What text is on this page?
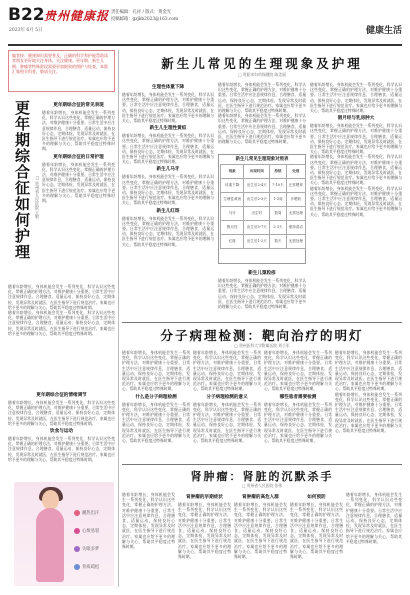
B22
2023年 6月 5日
贵州健康报 责任编辑：孔祥 / 版式：黄金光
投稿邮箱：gzjkb2023@163.com
健康生活
编者按：健康知识需要普及，正确的科学养护能帮助读者朋友更好地关注身体、关注健康。更年期、新生儿期、肿瘤等特殊阶段需要更加细致的照护与检查，本版汇集相关科普，敬请关注。
更年期综合征如何护理 □ 贵州省人民医院 王敏
更年期综合征的常见表现
随着年龄增长，身体机能会发生一系列变化，科学认识这些变化，掌握正确的护理方法，对维护健康十分重要。日常生活中应注意规律作息，合理膳食，适量运动，保持良好心态，定期体检，发现异常及时就医，在医生指导下进行规范治疗。家属也应给予更多的理解与关心，帮助其平稳度过特殊时期。
更年期综合征的日常护理
随着年龄增长，身体机能会发生一系列变化，科学认识这些变化，掌握正确的护理方法，对维护健康十分重要。日常生活中应注意规律作息，合理膳食，适量运动，保持良好心态，定期体检，发现异常及时就医，在医生指导下进行规范治疗。家属也应给予更多的理解与关心，帮助其平稳度过特殊时期。
随着年龄增长，身体机能会发生一系列变化，科学认识这些变化，掌握正确的护理方法，对维护健康十分重要。日常生活中应注意规律作息，合理膳食，适量运动，保持良好心态，定期体检，发现异常及时就医，在医生指导下进行规范治疗。家属也应给予更多的理解与关心，帮助其平稳度过特殊时期。
随着年龄增长，身体机能会发生一系列变化，科学认识这些变化，掌握正确的护理方法，对维护健康十分重要。日常生活中应注意规律作息，合理膳食，适量运动，保持良好心态，定期体检，发现异常及时就医，在医生指导下进行规范治疗。家属也应给予更多的理解与关心，帮助其平稳度过特殊时期。
更年期综合征的情绪调节
随着年龄增长，身体机能会发生一系列变化，科学认识这些变化，掌握正确的护理方法，对维护健康十分重要。日常生活中应注意规律作息，合理膳食，适量运动，保持良好心态，定期体检，发现异常及时就医，在医生指导下进行规范治疗。家属也应给予更多的理解与关心，帮助其平稳度过特殊时期。
饮食与运动
随着年龄增长，身体机能会发生一系列变化，科学认识这些变化，掌握正确的护理方法，对维护健康十分重要。日常生活中应注意规律作息，合理膳食，适量运动，保持良好心态，定期体检，发现异常及时就医，在医生指导下进行规范治疗。家属也应给予更多的理解与关心，帮助其平稳度过特殊时期。
潮热出汗
心烦易怒
失眠多梦
骨质疏松
新生儿常见的生理现象及护理
□ 贵阳市妇幼保健院 陈美丽
生理性体重下降
随着年龄增长，身体机能会发生一系列变化，科学认识这些变化，掌握正确的护理方法，对维护健康十分重要。日常生活中应注意规律作息，合理膳食，适量运动，保持良好心态，定期体检，发现异常及时就医，在医生指导下进行规范治疗。家属也应给予更多的理解与关心，帮助其平稳度过特殊时期。
新生儿生理性黄疸
随着年龄增长，身体机能会发生一系列变化，科学认识这些变化，掌握正确的护理方法，对维护健康十分重要。日常生活中应注意规律作息，合理膳食，适量运动，保持良好心态，定期体检，发现异常及时就医，在医生指导下进行规范治疗。家属也应给予更多的理解与关心，帮助其平稳度过特殊时期。
新生儿马牙
随着年龄增长，身体机能会发生一系列变化，科学认识这些变化，掌握正确的护理方法，对维护健康十分重要。日常生活中应注意规律作息，合理膳食，适量运动，保持良好心态，定期体检，发现异常及时就医，在医生指导下进行规范治疗。家属也应给予更多的理解与关心，帮助其平稳度过特殊时期。
新生儿红斑
随着年龄增长，身体机能会发生一系列变化，科学认识这些变化，掌握正确的护理方法，对维护健康十分重要。日常生活中应注意规律作息，合理膳食，适量运动，保持良好心态，定期体检，发现异常及时就医，在医生指导下进行规范治疗。家属也应给予更多的理解与关心，帮助其平稳度过特殊时期。
随着年龄增长，身体机能会发生一系列变化，科学认识这些变化，掌握正确的护理方法，对维护健康十分重要。日常生活中应注意规律作息，合理膳食，适量运动，保持良好心态，定期体检，发现异常及时就医，在医生指导下进行规范治疗。家属也应给予更多的理解与关心，帮助其平稳度过特殊时期。
随着年龄增长，身体机能会发生一系列变化，科学认识这些变化，掌握正确的护理方法，对维护健康十分重要。日常生活中应注意规律作息，合理膳食，适量运动，保持良好心态，定期体检，发现异常及时就医，在医生指导下进行规范治疗。家属也应给予更多的理解与关心，帮助其平稳度过特殊时期。
新生儿常见生理现象对照表
现象	出现时间	持续	处理
体重下降	出生后2-4天	7-10天	正常喂养
生理性黄疸	出生后2-3天	1-2周	多喂奶
马牙	出生时	数周	无需处理
假月经	出生后5-7天	2-3天	保持清洁
红斑	出生后1-2天	数天	无需处理
新生儿粟粒疹
随着年龄增长，身体机能会发生一系列变化，科学认识这些变化，掌握正确的护理方法，对维护健康十分重要。日常生活中应注意规律作息，合理膳食，适量运动，保持良好心态，定期体检，发现异常及时就医，在医生指导下进行规范治疗。家属也应给予更多的理解与关心，帮助其平稳度过特殊时期。
随着年龄增长，身体机能会发生一系列变化，科学认识这些变化，掌握正确的护理方法，对维护健康十分重要。日常生活中应注意规律作息，合理膳食，适量运动，保持良好心态，定期体检，发现异常及时就医，在医生指导下进行规范治疗。家属也应给予更多的理解与关心，帮助其平稳度过特殊时期。
假月经与乳房肿大
随着年龄增长，身体机能会发生一系列变化，科学认识这些变化，掌握正确的护理方法，对维护健康十分重要。日常生活中应注意规律作息，合理膳食，适量运动，保持良好心态，定期体检，发现异常及时就医，在医生指导下进行规范治疗。家属也应给予更多的理解与关心，帮助其平稳度过特殊时期。
随着年龄增长，身体机能会发生一系列变化，科学认识这些变化，掌握正确的护理方法，对维护健康十分重要。日常生活中应注意规律作息，合理膳食，适量运动，保持良好心态，定期体检，发现异常及时就医，在医生指导下进行规范治疗。家属也应给予更多的理解与关心，帮助其平稳度过特殊时期。
随着年龄增长，身体机能会发生一系列变化，科学认识这些变化，掌握正确的护理方法，对维护健康十分重要。日常生活中应注意规律作息，合理膳食，适量运动，保持良好心态，定期体检，发现异常及时就医，在医生指导下进行规范治疗。家属也应给予更多的理解与关心，帮助其平稳度过特殊时期。
分子病理检测：靶向治疗的明灯
□ 贵州医科大学附属医院 刘小军
随着年龄增长，身体机能会发生一系列变化，科学认识这些变化，掌握正确的护理方法，对维护健康十分重要。日常生活中应注意规律作息，合理膳食，适量运动，保持良好心态，定期体检，发现异常及时就医，在医生指导下进行规范治疗。家属也应给予更多的理解与关心，帮助其平稳度过特殊时期。
什么是分子病理检测
随着年龄增长，身体机能会发生一系列变化，科学认识这些变化，掌握正确的护理方法，对维护健康十分重要。日常生活中应注意规律作息，合理膳食，适量运动，保持良好心态，定期体检，发现异常及时就医，在医生指导下进行规范治疗。家属也应给予更多的理解与关心，帮助其平稳度过特殊时期。
随着年龄增长，身体机能会发生一系列变化，科学认识这些变化，掌握正确的护理方法，对维护健康十分重要。日常生活中应注意规律作息，合理膳食，适量运动，保持良好心态，定期体检，发现异常及时就医，在医生指导下进行规范治疗。家属也应给予更多的理解与关心，帮助其平稳度过特殊时期。
分子病理检测的意义
随着年龄增长，身体机能会发生一系列变化，科学认识这些变化，掌握正确的护理方法，对维护健康十分重要。日常生活中应注意规律作息，合理膳食，适量运动，保持良好心态，定期体检，发现异常及时就医，在医生指导下进行规范治疗。家属也应给予更多的理解与关心，帮助其平稳度过特殊时期。
随着年龄增长，身体机能会发生一系列变化，科学认识这些变化，掌握正确的护理方法，对维护健康十分重要。日常生活中应注意规律作息，合理膳食，适量运动，保持良好心态，定期体检，发现异常及时就医，在医生指导下进行规范治疗。家属也应给予更多的理解与关心，帮助其平稳度过特殊时期。
哪些患者需要检测
随着年龄增长，身体机能会发生一系列变化，科学认识这些变化，掌握正确的护理方法，对维护健康十分重要。日常生活中应注意规律作息，合理膳食，适量运动，保持良好心态，定期体检，发现异常及时就医，在医生指导下进行规范治疗。家属也应给予更多的理解与关心，帮助其平稳度过特殊时期。
随着年龄增长，身体机能会发生一系列变化，科学认识这些变化，掌握正确的护理方法，对维护健康十分重要。日常生活中应注意规律作息，合理膳食，适量运动，保持良好心态，定期体检，发现异常及时就医，在医生指导下进行规范治疗。家属也应给予更多的理解与关心，帮助其平稳度过特殊时期。
随着年龄增长，身体机能会发生一系列变化，科学认识这些变化，掌握正确的护理方法，对维护健康十分重要。日常生活中应注意规律作息，合理膳食，适量运动，保持良好心态，定期体检，发现异常及时就医，在医生指导下进行规范治疗。家属也应给予更多的理解与关心，帮助其平稳度过特殊时期。
肾肿瘤：肾脏的沉默杀手
□ 贵州省人民医院 张伟
随着年龄增长，身体机能会发生一系列变化，科学认识这些变化，掌握正确的护理方法，对维护健康十分重要。日常生活中应注意规律作息，合理膳食，适量运动，保持良好心态，定期体检，发现异常及时就医，在医生指导下进行规范治疗。家属也应给予更多的理解与关心，帮助其平稳度过特殊时期。
肾肿瘤的早期症状
随着年龄增长，身体机能会发生一系列变化，科学认识这些变化，掌握正确的护理方法，对维护健康十分重要。日常生活中应注意规律作息，合理膳食，适量运动，保持良好心态，定期体检，发现异常及时就医，在医生指导下进行规范治疗。家属也应给予更多的理解与关心，帮助其平稳度过特殊时期。
肾肿瘤的高危人群
随着年龄增长，身体机能会发生一系列变化，科学认识这些变化，掌握正确的护理方法，对维护健康十分重要。日常生活中应注意规律作息，合理膳食，适量运动，保持良好心态，定期体检，发现异常及时就医，在医生指导下进行规范治疗。家属也应给予更多的理解与关心，帮助其平稳度过特殊时期。
如何预防
随着年龄增长，身体机能会发生一系列变化，科学认识这些变化，掌握正确的护理方法，对维护健康十分重要。日常生活中应注意规律作息，合理膳食，适量运动，保持良好心态，定期体检，发现异常及时就医，在医生指导下进行规范治疗。家属也应给予更多的理解与关心，帮助其平稳度过特殊时期。
随着年龄增长，身体机能会发生一系列变化，科学认识这些变化，掌握正确的护理方法，对维护健康十分重要。日常生活中应注意规律作息，合理膳食，适量运动，保持良好心态，定期体检，发现异常及时就医，在医生指导下进行规范治疗。家属也应给予更多的理解与关心，帮助其平稳度过特殊时期。
